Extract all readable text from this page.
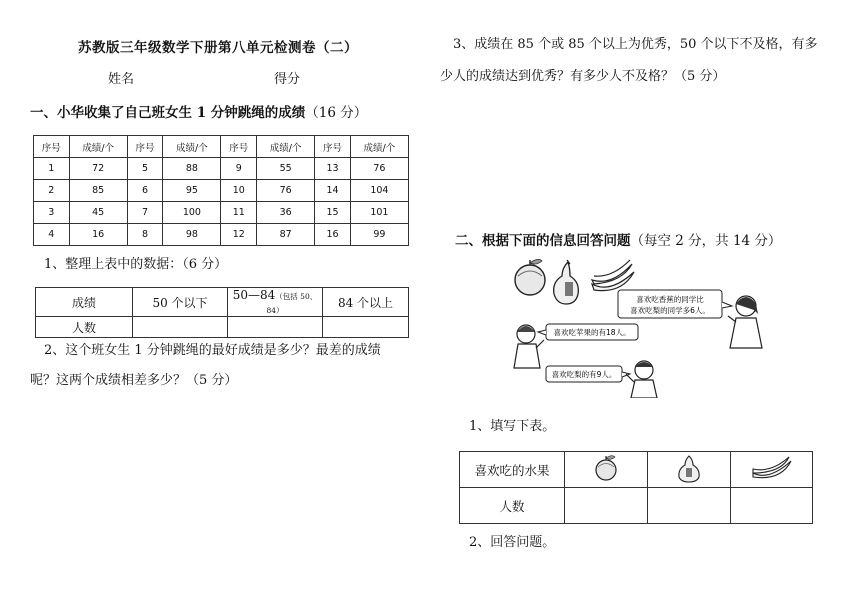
苏教版三年级数学下册第八单元检测卷（二）
姓名	得分
一、小华收集了自己班女生 1 分钟跳绳的成绩（16 分）
序号	成绩/个	序号	成绩/个	序号	成绩/个	序号	成绩/个
1	72	5	88	9	55	13	76
2	85	6	95	10	76	14	104
3	45	7	100	11	36	15	101
4	16	8	98	12	87	16	99
1、整理上表中的数据：（6 分）
成绩	50 个以下	50—84（包括 50、84）	84 个以上
人数			
2、这个班女生 1 分钟跳绳的最好成绩是多少？最差的成绩
呢？这两个成绩相差多少？（5 分）
3、成绩在 85 个或 85 个以上为优秀，50 个以下不及格，有多
少人的成绩达到优秀？有多少人不及格？（5 分）
二、根据下面的信息回答问题（每空 2 分，共 14 分）
喜欢吃香蕉的同学比
喜欢吃梨的同学多6人。
喜欢吃苹果的有18人。
喜欢吃梨的有9人。
1、填写下表。
喜欢吃的水果			
人数			
2、回答问题。
